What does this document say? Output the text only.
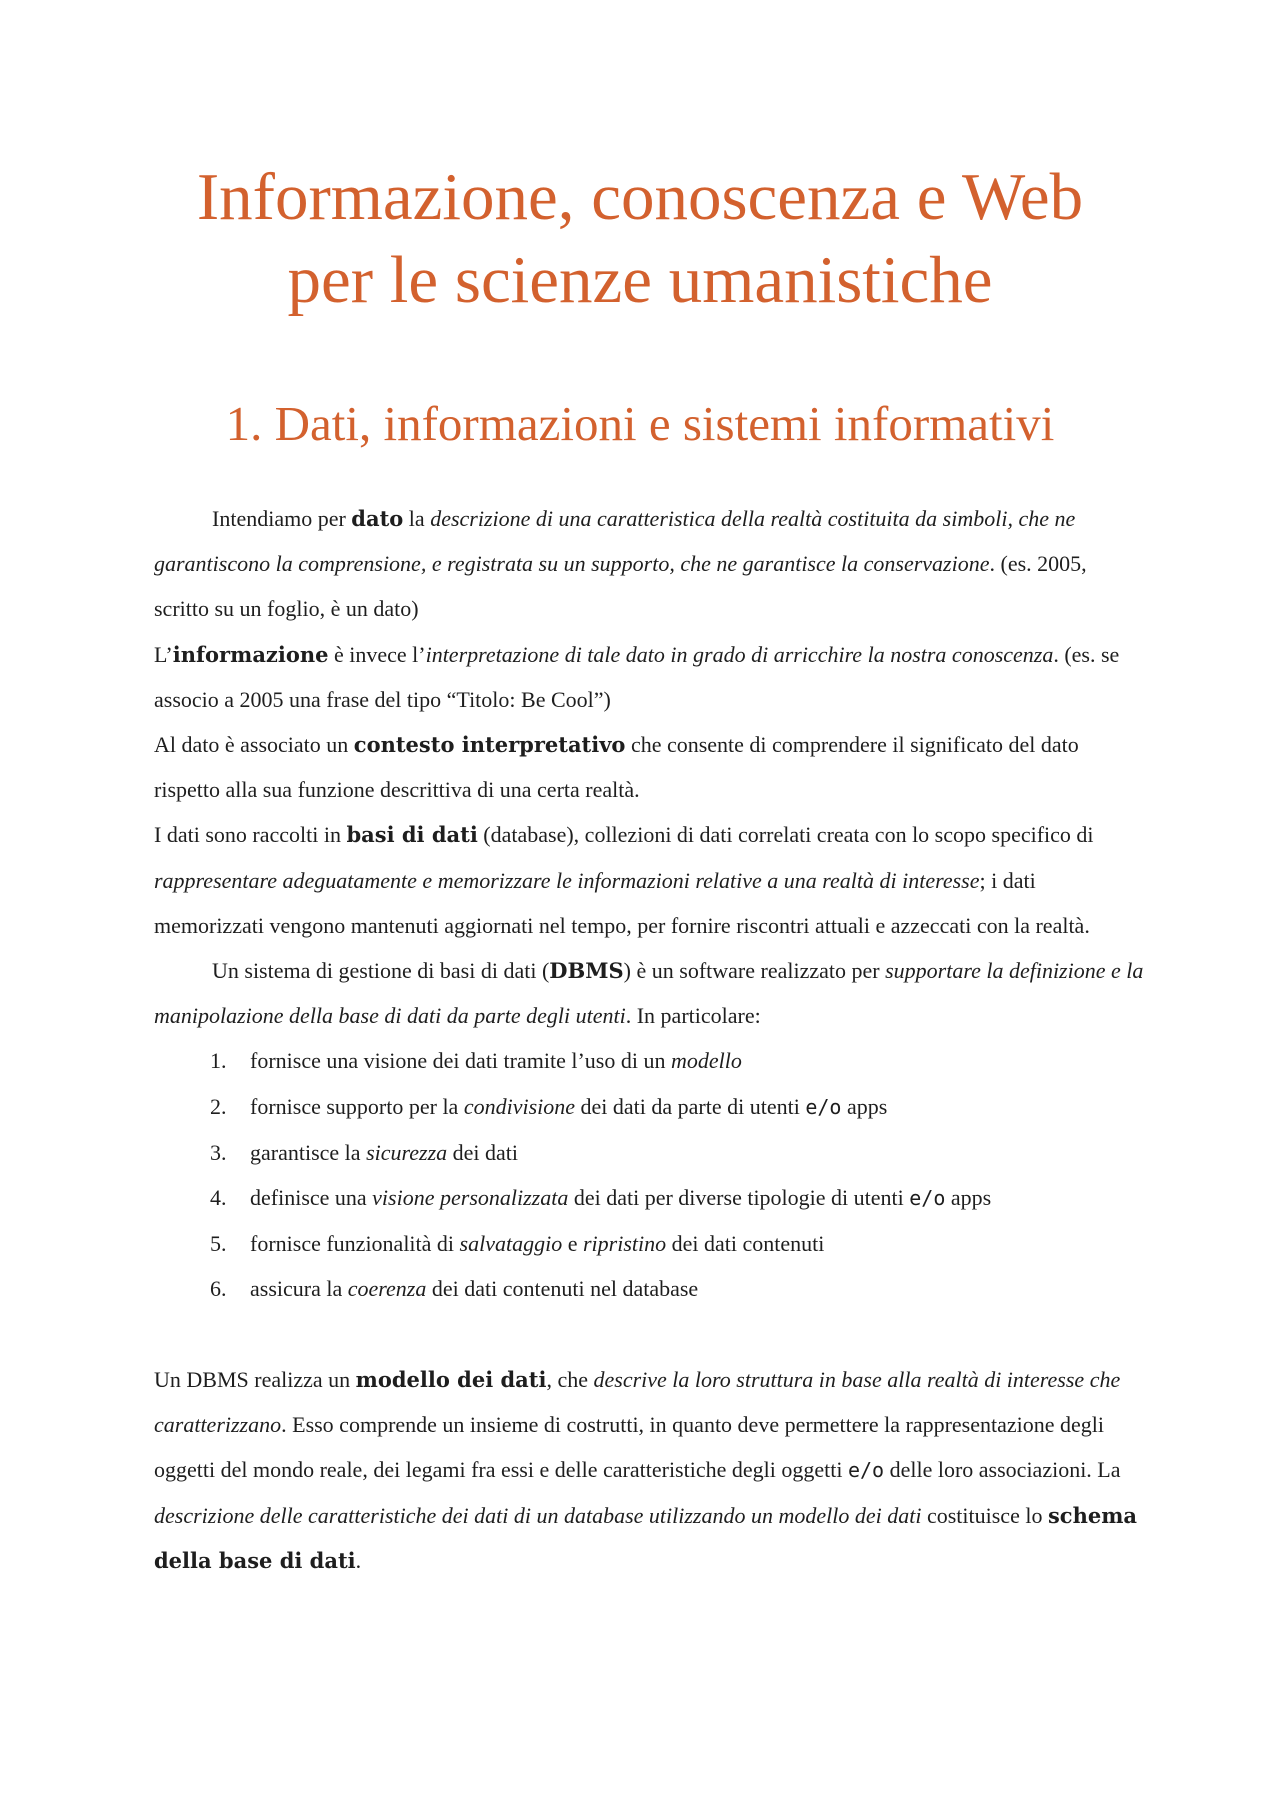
Informazione, conoscenza e Web
per le scienze umanistiche
1. Dati, informazioni e sistemi informativi

Intendiamo per dato la descrizione di una caratteristica della realtà costituita da simboli, che ne garantiscono la comprensione, e registrata su un supporto, che ne garantisce la conservazione. (es. 2005, scritto su un foglio, è un dato)

L’informazione è invece l’interpretazione di tale dato in grado di arricchire la nostra conoscenza. (es. se associo a 2005 una frase del tipo “Titolo: Be Cool”)

Al dato è associato un contesto interpretativo che consente di comprendere il significato del dato rispetto alla sua funzione descrittiva di una certa realtà.

I dati sono raccolti in basi di dati (database), collezioni di dati correlati creata con lo scopo specifico di rappresentare adeguatamente e memorizzare le informazioni relative a una realtà di interesse; i dati memorizzati vengono mantenuti aggiornati nel tempo, per fornire riscontri attuali e azzeccati con la realtà.

Un sistema di gestione di basi di dati (DBMS) è un software realizzato per supportare la definizione e la manipolazione della base di dati da parte degli utenti. In particolare:

1. fornisce una visione dei dati tramite l’uso di un modello
2. fornisce supporto per la condivisione dei dati da parte di utenti e/o apps
3. garantisce la sicurezza dei dati
4. definisce una visione personalizzata dei dati per diverse tipologie di utenti e/o apps
5. fornisce funzionalità di salvataggio e ripristino dei dati contenuti
6. assicura la coerenza dei dati contenuti nel database

Un DBMS realizza un modello dei dati, che descrive la loro struttura in base alla realtà di interesse che caratterizzano. Esso comprende un insieme di costrutti, in quanto deve permettere la rappresentazione degli oggetti del mondo reale, dei legami fra essi e delle caratteristiche degli oggetti e/o delle loro associazioni. La descrizione delle caratteristiche dei dati di un database utilizzando un modello dei dati costituisce lo schema della base di dati.
